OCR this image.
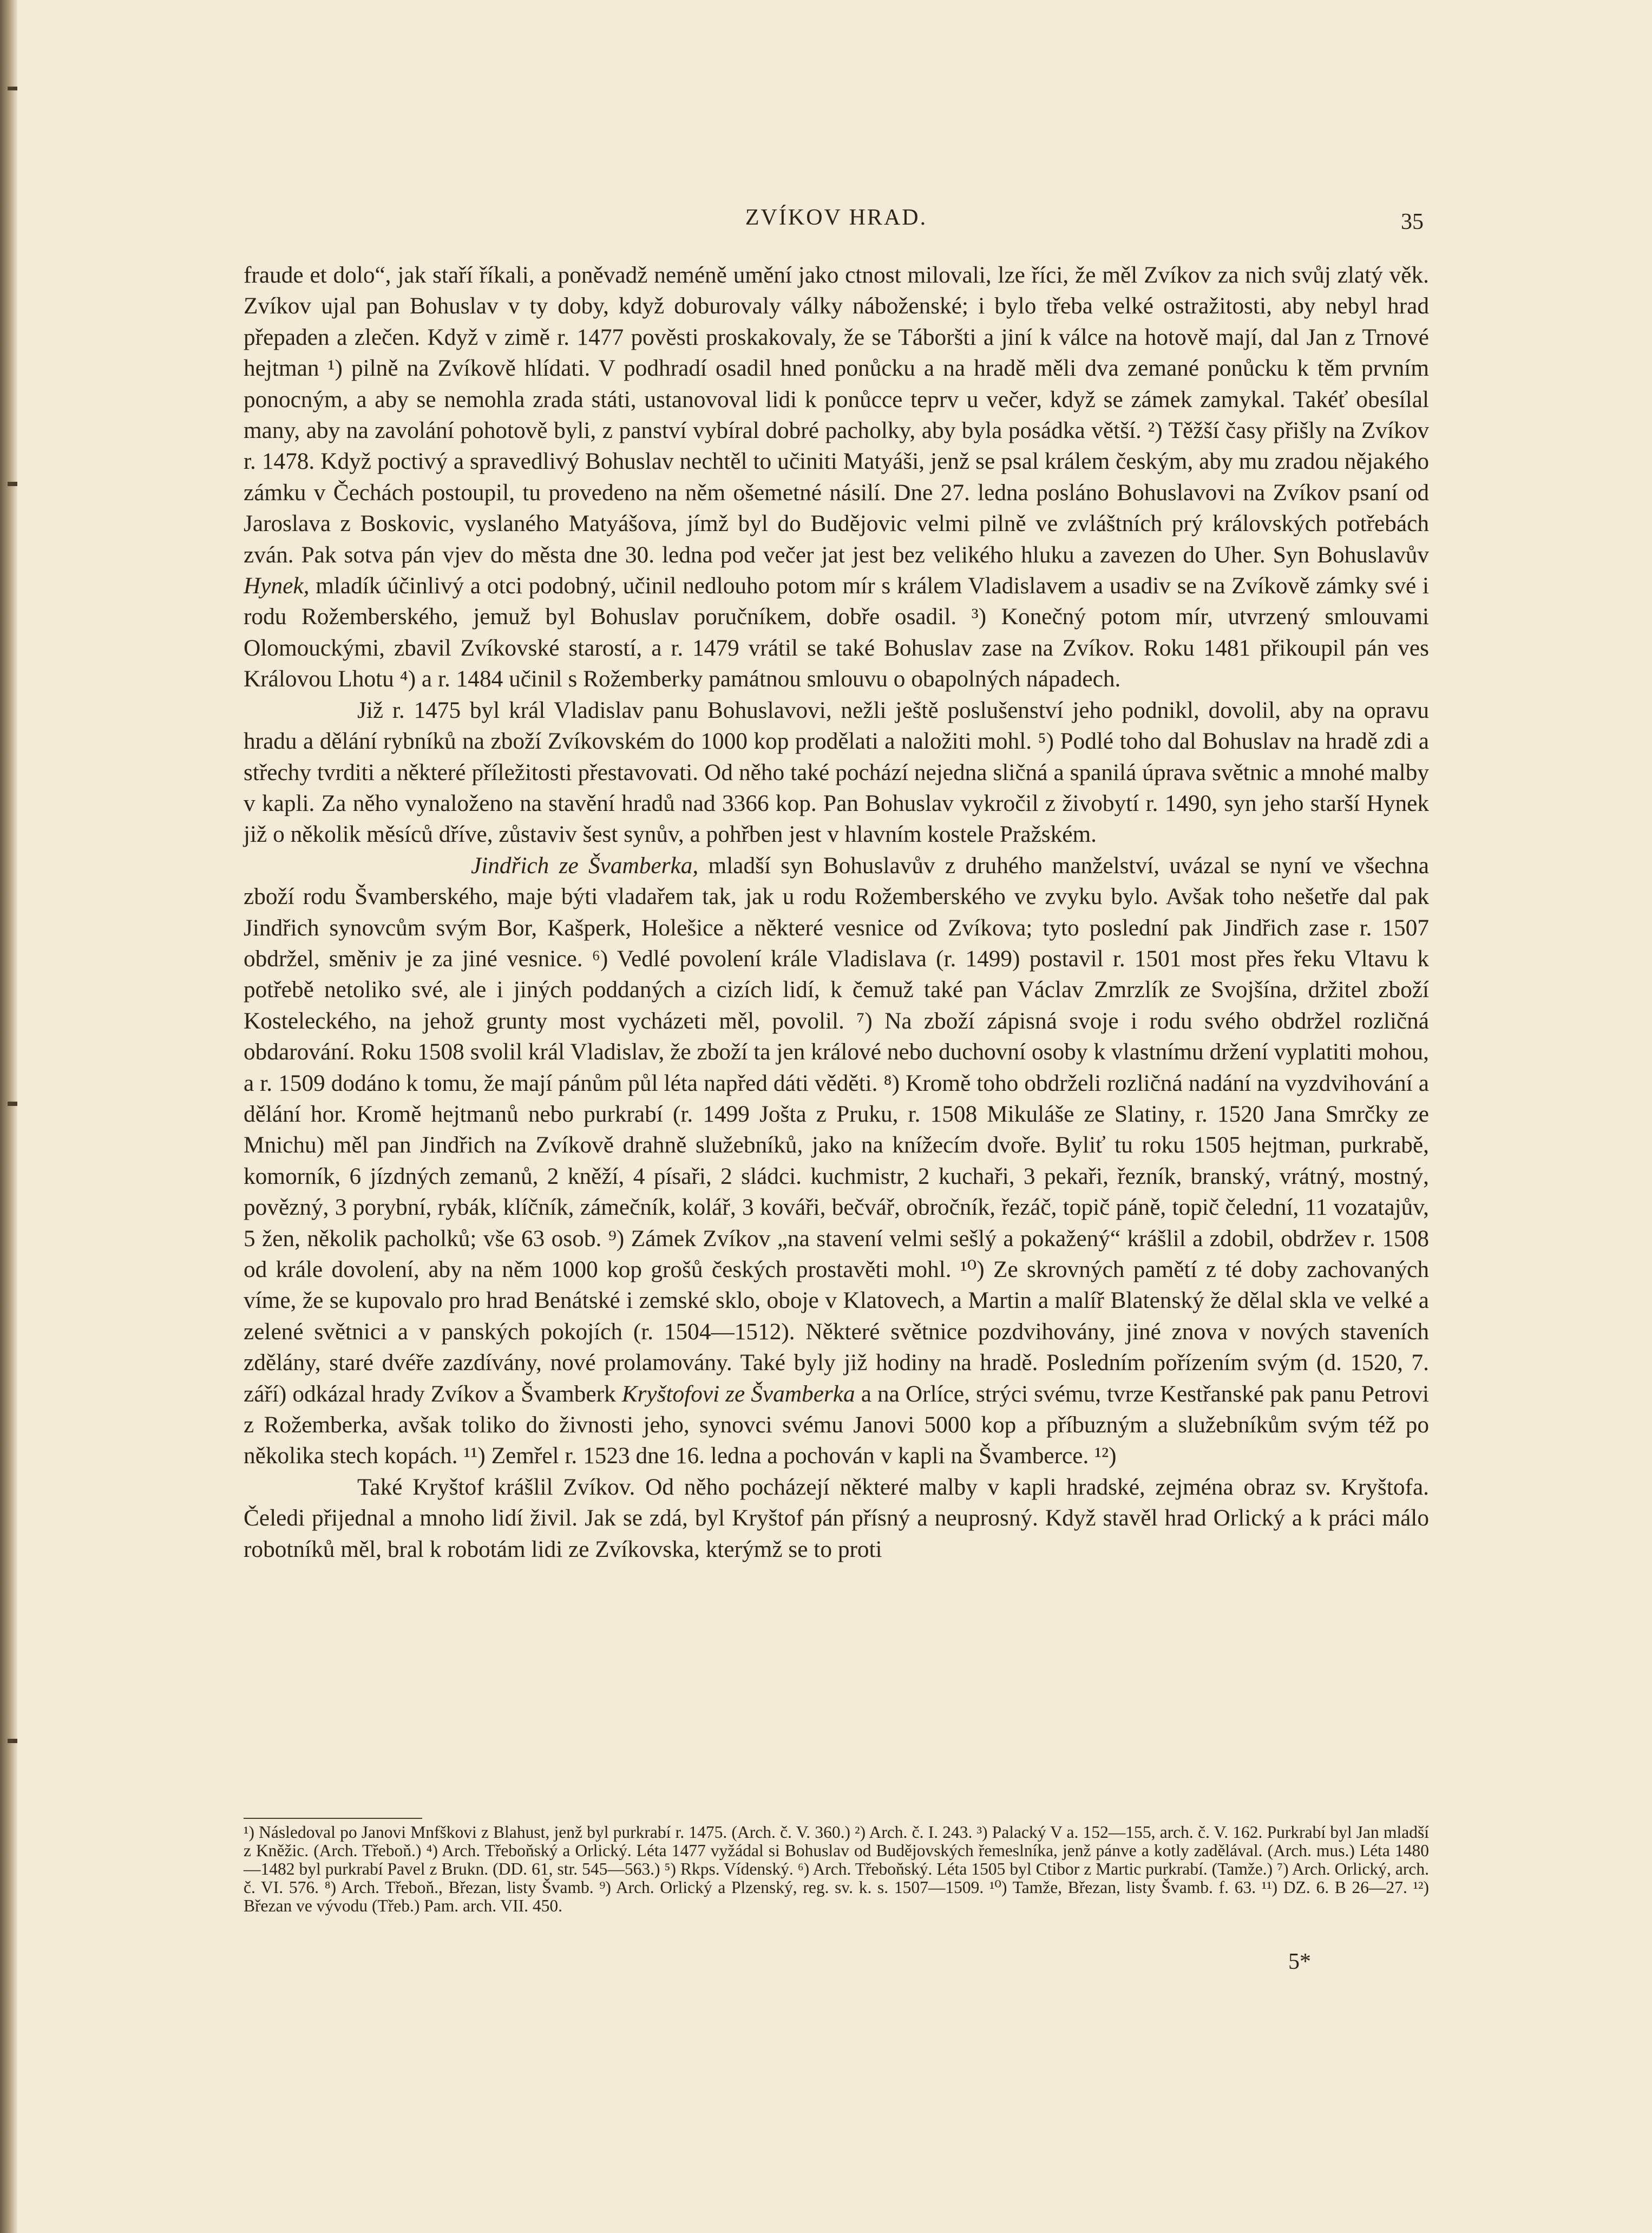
ZVÍKOV HRAD.	35

fraude et dolo“, jak staří říkali, a poněvadž neméně umění jako ctnost milovali, lze říci, že měl Zvíkov za nich svůj zlatý věk. Zvíkov ujal pan Bohuslav v ty doby, když doburovaly války náboženské; i bylo třeba velké ostražitosti, aby nebyl hrad přepaden a zlečen. Když v zimě r. 1477 pověsti proskakovaly, že se Táboršti a jiní k válce na hotově mají, dal Jan z Trnové hejtman ¹) pilně na Zvíkově hlídati. V podhradí osadil hned ponůcku a na hradě měli dva zemané ponůcku k těm prvním ponocným, a aby se nemohla zrada státi, ustanovoval lidi k ponůcce teprv u večer, když se zámek zamykal. Takéť obesílal many, aby na zavolání pohotově byli, z panství vybíral dobré pacholky, aby byla posádka větší. ²) Těžší časy přišly na Zvíkov r. 1478. Když poctivý a spravedlivý Bohuslav nechtěl to učiniti Matyáši, jenž se psal králem českým, aby mu zradou nějakého zámku v Čechách postoupil, tu provedeno na něm ošemetné násilí. Dne 27. ledna posláno Bohuslavovi na Zvíkov psaní od Jaroslava z Boskovic, vyslaného Matyášova, jímž byl do Budějovic velmi pilně ve zvláštních prý královských potřebách zván. Pak sotva pán vjev do města dne 30. ledna pod večer jat jest bez velikého hluku a zavezen do Uher. Syn Bohuslavův Hynek, mladík účinlivý a otci podobný, učinil nedlouho potom mír s králem Vladislavem a usadiv se na Zvíkově zámky své i rodu Rožemberského, jemuž byl Bohuslav poručníkem, dobře osadil. ³) Konečný potom mír, utvrzený smlouvami Olomouckými, zbavil Zvíkovské starostí, a r. 1479 vrátil se také Bohuslav zase na Zvíkov. Roku 1481 přikoupil pán ves Královou Lhotu ⁴) a r. 1484 učinil s Rožemberky památnou smlouvu o obapolných nápadech.

Již r. 1475 byl král Vladislav panu Bohuslavovi, nežli ještě poslušenství jeho podnikl, dovolil, aby na opravu hradu a dělání rybníků na zboží Zvíkovském do 1000 kop prodělati a naložiti mohl. ⁵) Podlé toho dal Bohuslav na hradě zdi a střechy tvrditi a některé příležitosti přestavovati. Od něho také pochází nejedna sličná a spanilá úprava světnic a mnohé malby v kapli. Za něho vynaloženo na stavění hradů nad 3366 kop. Pan Bohuslav vykročil z živobytí r. 1490, syn jeho starší Hynek již o několik měsíců dříve, zůstaviv šest synův, a pohřben jest v hlavním kostele Pražském.

Jindřich ze Švamberka, mladší syn Bohuslavův z druhého manželství, uvázal se nyní ve všechna zboží rodu Švamberského, maje býti vladařem tak, jak u rodu Rožemberského ve zvyku bylo. Avšak toho nešetře dal pak Jindřich synovcům svým Bor, Kašperk, Holešice a některé vesnice od Zvíkova; tyto poslední pak Jindřich zase r. 1507 obdržel, směniv je za jiné vesnice. ⁶) Vedlé povolení krále Vladislava (r. 1499) postavil r. 1501 most přes řeku Vltavu k potřebě netoliko své, ale i jiných poddaných a cizích lidí, k čemuž také pan Václav Zmrzlík ze Svojšína, držitel zboží Kosteleckého, na jehož grunty most vycházeti měl, povolil. ⁷) Na zboží zápisná svoje i rodu svého obdržel rozličná obdarování. Roku 1508 svolil král Vladislav, že zboží ta jen králové nebo duchovní osoby k vlastnímu držení vyplatiti mohou, a r. 1509 dodáno k tomu, že mají pánům půl léta napřed dáti věděti. ⁸) Kromě toho obdrželi rozličná nadání na vyzdvihování a dělání hor. Kromě hejtmanů nebo purkrabí (r. 1499 Jošta z Pruku, r. 1508 Mikuláše ze Slatiny, r. 1520 Jana Smrčky ze Mnichu) měl pan Jindřich na Zvíkově drahně služebníků, jako na knížecím dvoře. Byliť tu roku 1505 hejtman, purkrabě, komorník, 6 jízdných zemanů, 2 kněží, 4 písaři, 2 sládci. kuchmistr, 2 kuchaři, 3 pekaři, řezník, branský, vrátný, mostný, povězný, 3 porybní, rybák, klíčník, zámečník, kolář, 3 kováři, bečvář, obročník, řezáč, topič páně, topič čelední, 11 vozatajův, 5 žen, několik pacholků; vše 63 osob. ⁹) Zámek Zvíkov „na stavení velmi sešlý a pokažený“ krášlil a zdobil, obdržev r. 1508 od krále dovolení, aby na něm 1000 kop grošů českých prostavěti mohl. ¹⁰) Ze skrovných pamětí z té doby zachovaných víme, že se kupovalo pro hrad Benátské i zemské sklo, oboje v Klatovech, a Martin a malíř Blatenský že dělal skla ve velké a zelené světnici a v panských pokojích (r. 1504—1512). Některé světnice pozdvihovány, jiné znova v nových staveních zdělány, staré dvéře zazdívány, nové prolamovány. Také byly již hodiny na hradě. Posledním pořízením svým (d. 1520, 7. září) odkázal hrady Zvíkov a Švamberk Kryštofovi ze Švamberka a na Orlíce, strýci svému, tvrze Kestřanské pak panu Petrovi z Rožemberka, avšak toliko do živnosti jeho, synovci svému Janovi 5000 kop a příbuzným a služebníkům svým též po několika stech kopách. ¹¹) Zemřel r. 1523 dne 16. ledna a pochován v kapli na Švamberce. ¹²)

Také Kryštof krášlil Zvíkov. Od něho pocházejí některé malby v kapli hradské, zejména obraz sv. Kryštofa. Čeledi přijednal a mnoho lidí živil. Jak se zdá, byl Kryštof pán přísný a neuprosný. Když stavěl hrad Orlický a k práci málo robotníků měl, bral k robotám lidi ze Zvíkovska, kterýmž se to proti

¹) Následoval po Janovi Mnfškovi z Blahust, jenž byl purkrabí r. 1475. (Arch. č. V. 360.) ²) Arch. č. I. 243. ³) Palacký V a. 152—155, arch. č. V. 162. Purkrabí byl Jan mladší z Kněžic. (Arch. Třeboň.) ⁴) Arch. Třeboňský a Orlický. Léta 1477 vyžádal si Bohuslav od Budějovských řemeslníka, jenž pánve a kotly zadělával. (Arch. mus.) Léta 1480—1482 byl purkrabí Pavel z Brukn. (DD. 61, str. 545—563.) ⁵) Rkps. Vídenský. ⁶) Arch. Třeboňský. Léta 1505 byl Ctibor z Martic purkrabí. (Tamže.) ⁷) Arch. Orlický, arch. č. VI. 576. ⁸) Arch. Třeboň., Březan, listy Švamb. ⁹) Arch. Orlický a Plzenský, reg. sv. k. s. 1507—1509. ¹⁰) Tamže, Březan, listy Švamb. f. 63. ¹¹) DZ. 6. B 26—27. ¹²) Březan ve vývodu (Třeb.) Pam. arch. VII. 450.
5*
